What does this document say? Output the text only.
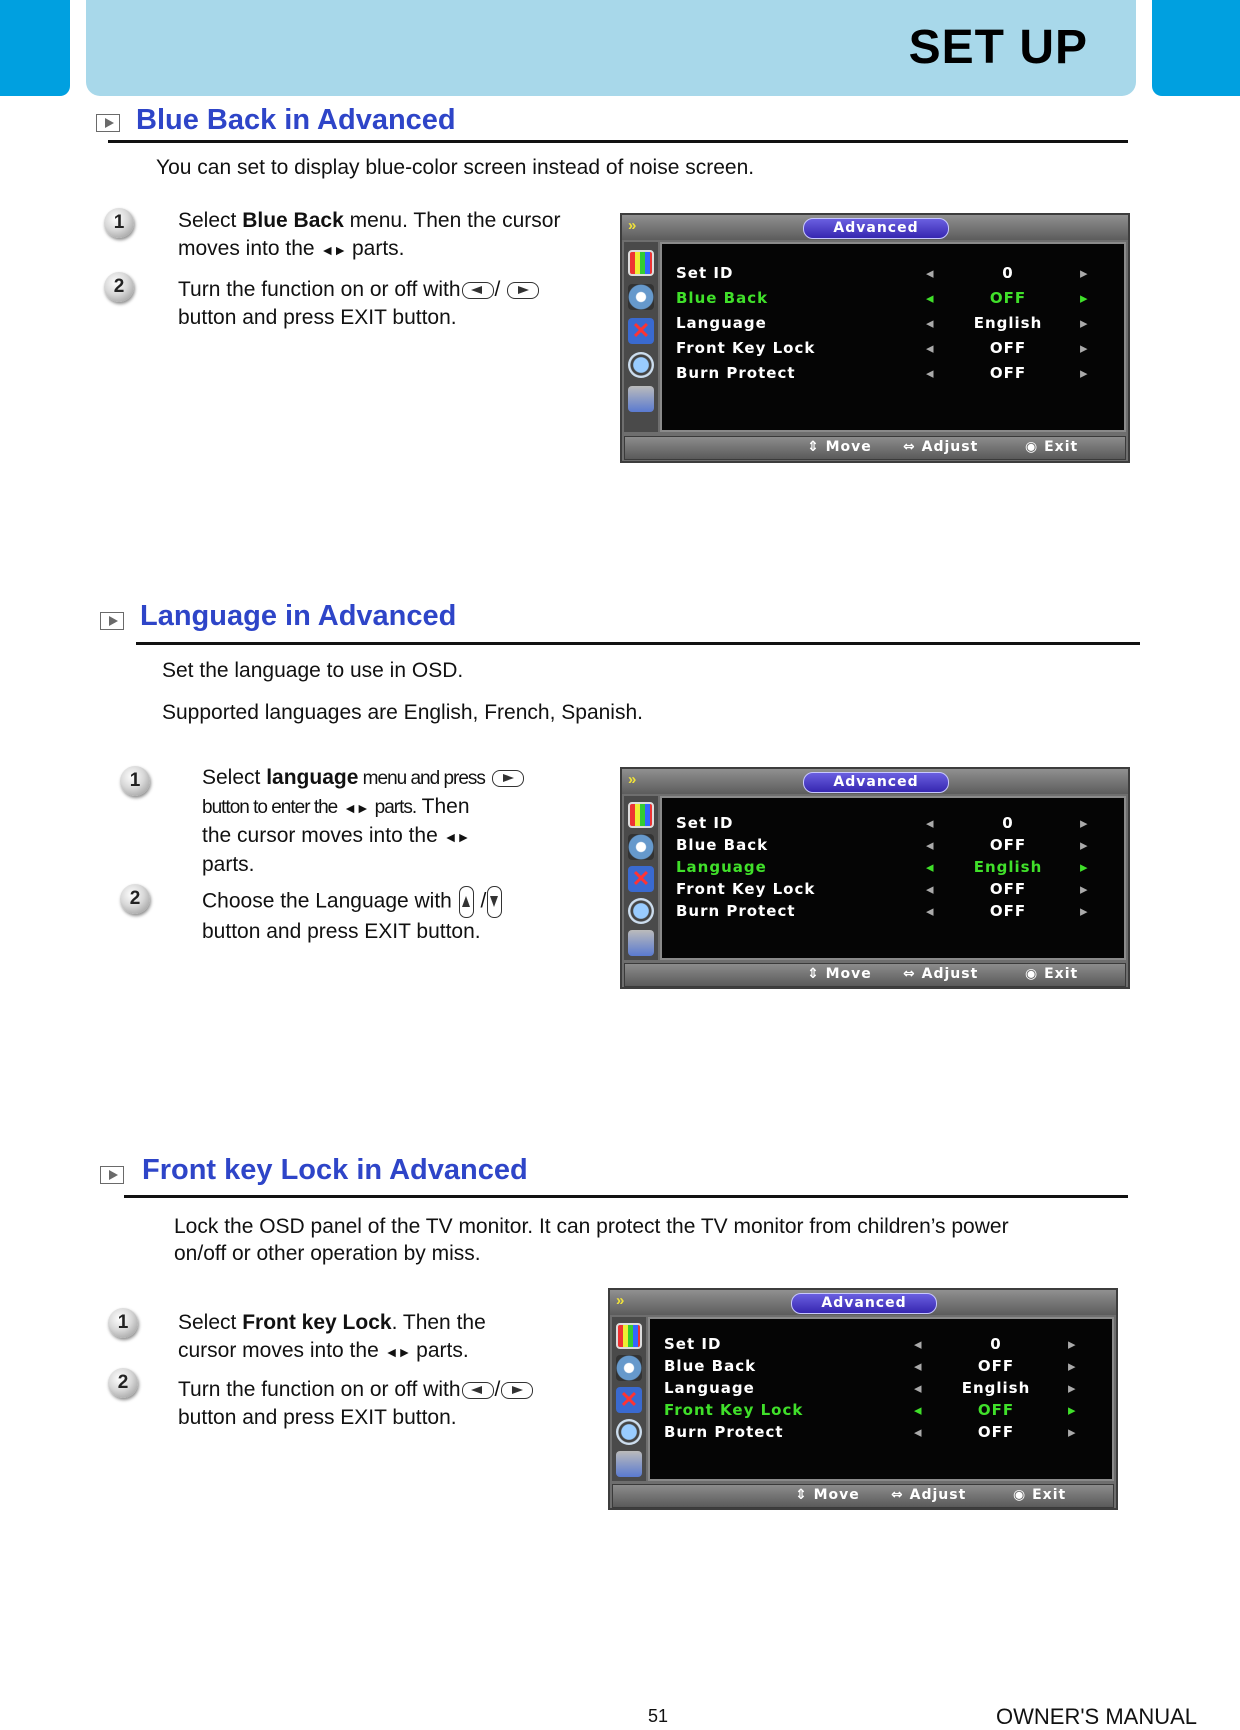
SET UP
Blue Back in Advanced
You can set to display blue-color screen instead of noise screen.
1	Select Blue Back menu. Then the cursor moves into the ◄► parts.
2	Turn the function on or off with /
button and press EXIT button.
»	Advanced
✕
Set ID	◂	0	▸
Blue Back	◂	OFF	▸
Language	◂	English	▸
Front Key Lock	◂	OFF	▸
Burn Protect	◂	OFF	▸
⇕ Move ⇔ Adjust	◉ Exit
Language in Advanced
Set the language to use in OSD.
Supported languages are English, French, Spanish.
1	Select language menu and press
button to enter the ◄► parts. Then
the cursor moves into the ◄►
parts.
2	Choose the Language with /
button and press EXIT button.
»	Advanced
✕
Set ID	◂	0	▸
Blue Back	◂	OFF	▸
Language	◂	English	▸
Front Key Lock	◂	OFF	▸
Burn Protect	◂	OFF	▸
⇕ Move ⇔ Adjust	◉ Exit
Front key Lock in Advanced
Lock the OSD panel of the TV monitor. It can protect the TV monitor from children’s power
on/off or other operation by miss.
1	Select Front key Lock. Then the
cursor moves into the ◄► parts.
2	Turn the function on or off with /
button and press EXIT button.
»	Advanced
✕
Set ID	◂	0	▸
Blue Back	◂	OFF	▸
Language	◂	English	▸
Front Key Lock	◂	OFF	▸
Burn Protect	◂	OFF	▸
⇕ Move ⇔ Adjust	◉ Exit
51	OWNER'S MANUAL
